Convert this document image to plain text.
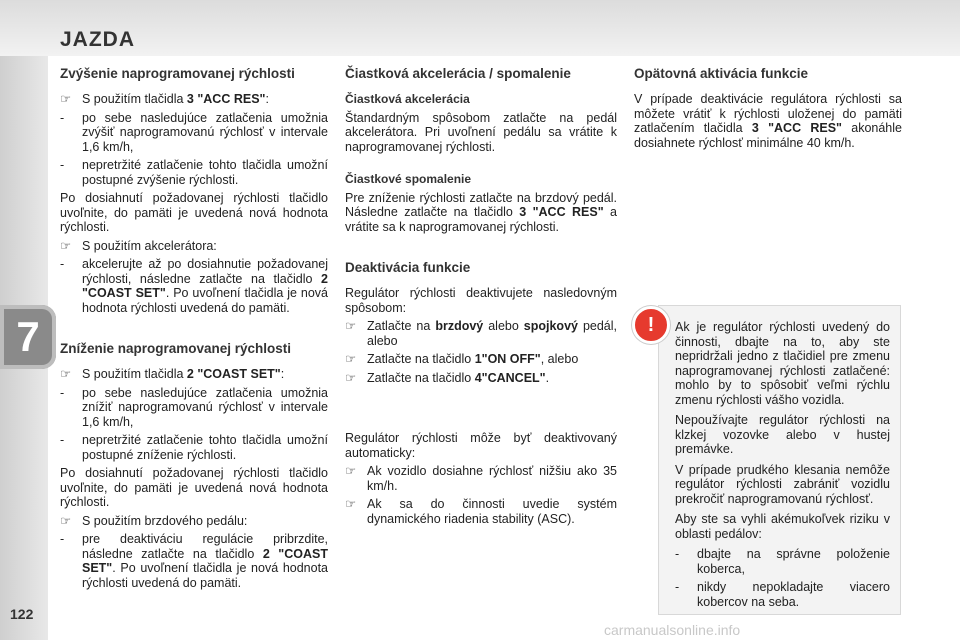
JAZDA
7
122
Zvýšenie naprogramovanej rýchlosti
☞ S použitím tlačidla 3 "ACC RES":
-	po sebe nasledujúce zatlačenia umožnia zvýšiť naprogramovanú rýchlosť v intervale 1,6 km/h,
-	nepretržité zatlačenie tohto tlačidla umožní postupné zvýšenie rýchlosti.

Po dosiahnutí požadovanej rýchlosti tlačidlo uvoľnite, do pamäti je uvedená nová hodnota rýchlosti.

☞ S použitím akcelerátora:
-	akcelerujte až po dosiahnutie požadovanej rýchlosti, následne zatlačte na tlačidlo 2 "COAST SET". Po uvoľnení tlačidla je nová hodnota rýchlosti uvedená do pamäti.
Zníženie naprogramovanej rýchlosti
☞ S použitím tlačidla 2 "COAST SET":
-	po sebe nasledujúce zatlačenia umožnia znížiť naprogramovanú rýchlosť v intervale 1,6 km/h,
-	nepretržité zatlačenie tohto tlačidla umožní postupné zníženie rýchlosti.

Po dosiahnutí požadovanej rýchlosti tlačidlo uvoľnite, do pamäti je uvedená nová hodnota rýchlosti.

☞ S použitím brzdového pedálu:
-	pre deaktiváciu regulácie pribrzdite, následne zatlačte na tlačidlo 2 "COAST SET". Po uvoľnení tlačidla je nová hodnota rýchlosti uvedená do pamäti.
Čiastková akcelerácia / spomalenie
Čiastková akcelerácia

Štandardným spôsobom zatlačte na pedál akcelerátora. Pri uvoľnení pedálu sa vrátite k naprogramovanej rýchlosti.

Čiastkové spomalenie

Pre zníženie rýchlosti zatlačte na brzdový pedál. Následne zatlačte na tlačidlo 3 "ACC RES" a vrátite sa k naprogramovanej rýchlosti.

Deaktivácia funkcie

Regulátor rýchlosti deaktivujete nasledovným spôsobom:

☞ Zatlačte na brzdový alebo spojkový pedál, alebo
☞ Zatlačte na tlačidlo 1"ON OFF", alebo
☞ Zatlačte na tlačidlo 4"CANCEL".

Regulátor rýchlosti môže byť deaktivovaný automaticky:

☞ Ak vozidlo dosiahne rýchlosť nižšiu ako 35 km/h.
☞ Ak sa do činnosti uvedie systém dynamického riadenia stability (ASC).
Opätovná aktivácia funkcie

V prípade deaktivácie regulátora rýchlosti sa môžete vrátiť k rýchlosti uloženej do pamäti zatlačením tlačidla 3 "ACC RES" akonáhle dosiahnete rýchlosť minimálne 40 km/h.

Ak je regulátor rýchlosti uvedený do činnosti, dbajte na to, aby ste nepridržali jedno z tlačidiel pre zmenu naprogramovanej rýchlosti zatlačené: mohlo by to spôsobiť veľmi rýchlu zmenu rýchlosti vášho vozidla.

Nepoužívajte regulátor rýchlosti na klzkej vozovke alebo v hustej premávke.

V prípade prudkého klesania nemôže regulátor rýchlosti zabrániť vozidlu prekročiť naprogramovanú rýchlosť.

Aby ste sa vyhli akémukoľvek riziku v oblasti pedálov:

-	dbajte na správne položenie koberca,
-	nikdy nepokladajte viacero kobercov na seba.
!
carmanualsonline.info
